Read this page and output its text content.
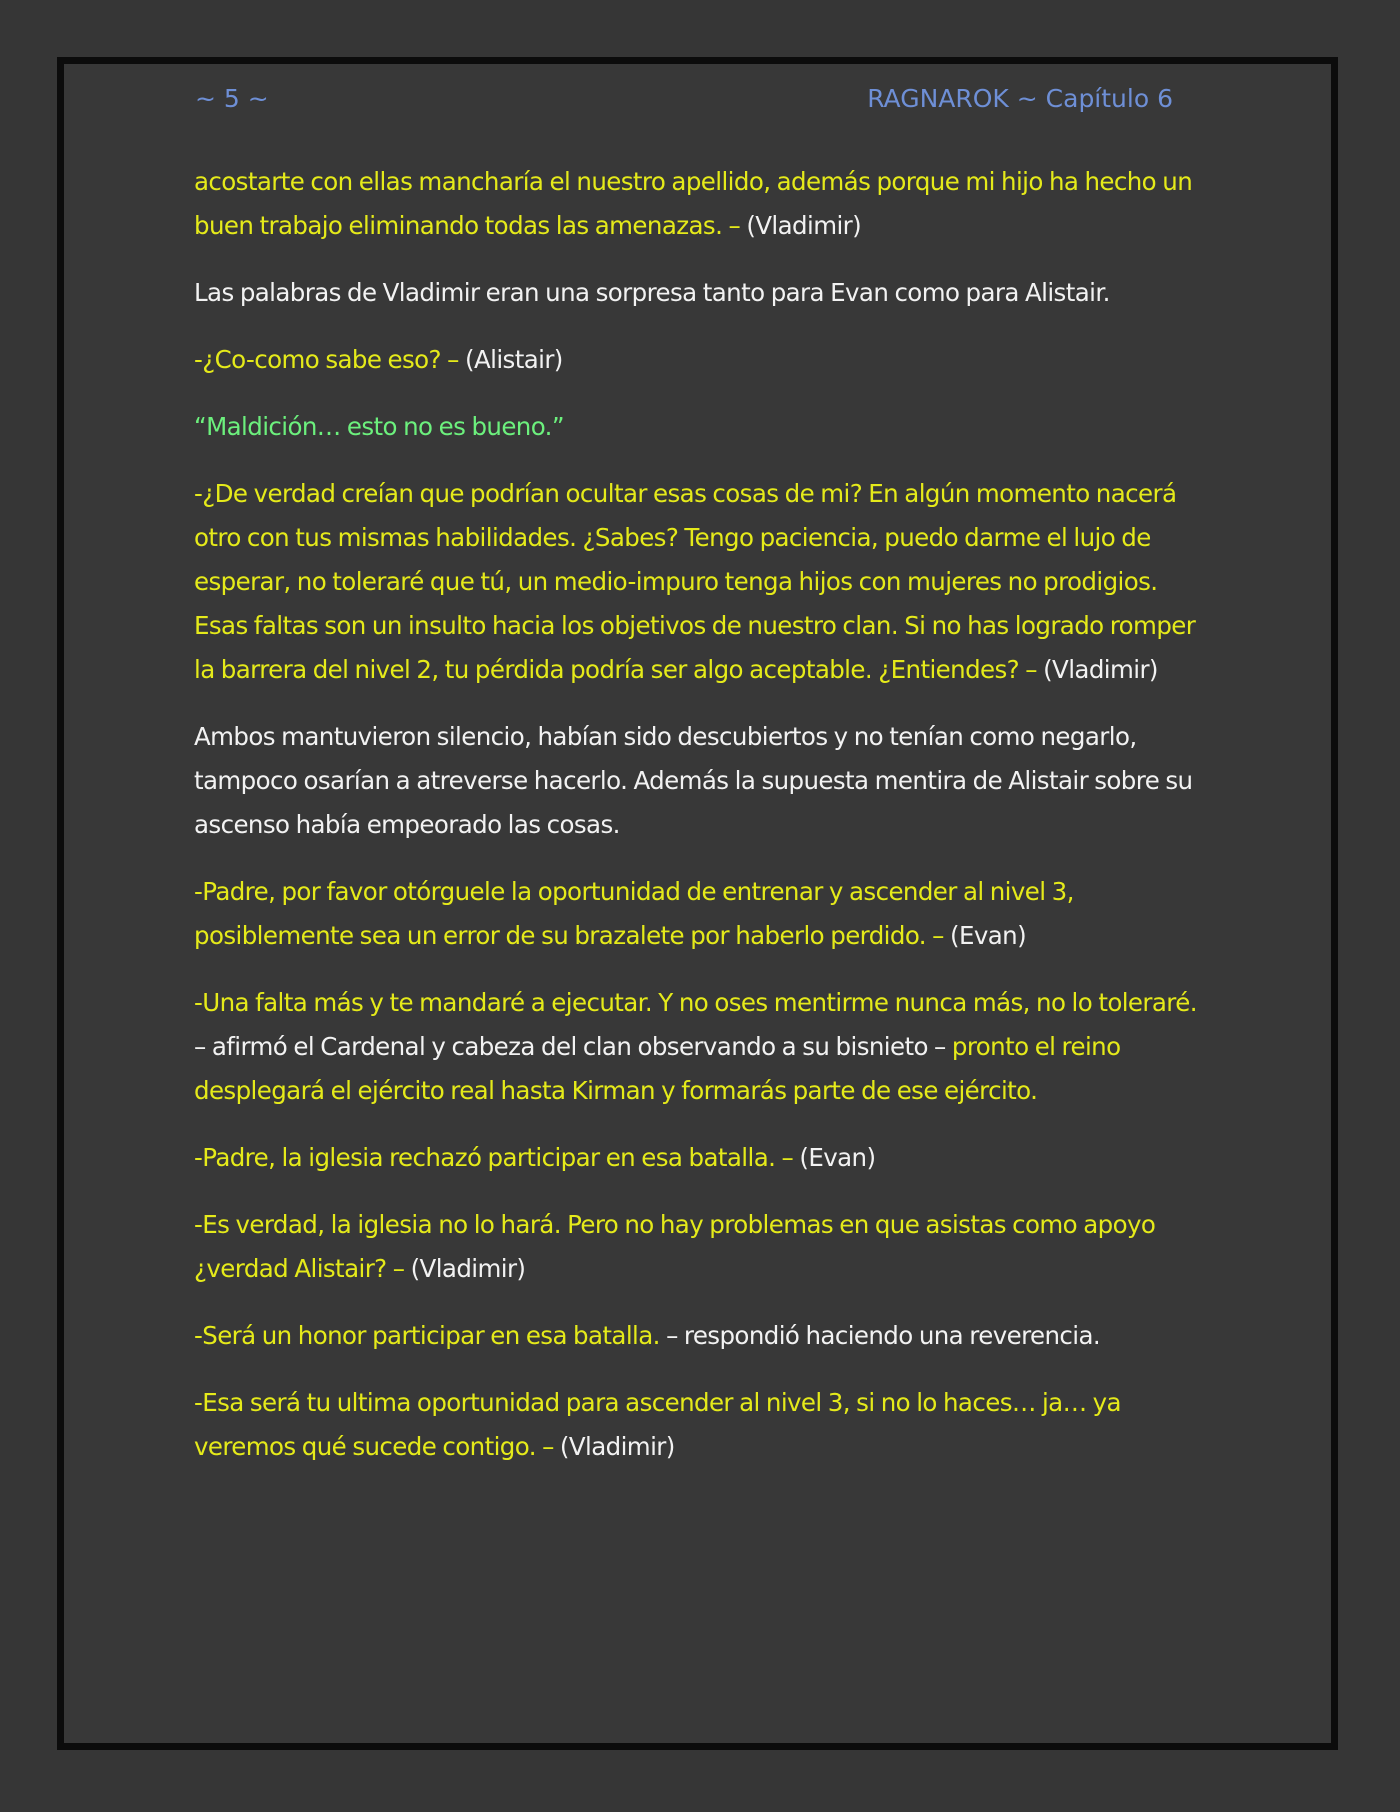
~ 5 ~	RAGNAROK ~ Capítulo 6

acostarte con ellas mancharía el nuestro apellido, además porque mi hijo ha hecho un buen trabajo eliminando todas las amenazas. – (Vladimir)

Las palabras de Vladimir eran una sorpresa tanto para Evan como para Alistair.

-¿Co-como sabe eso? – (Alistair)

“Maldición… esto no es bueno.”

-¿De verdad creían que podrían ocultar esas cosas de mi? En algún momento nacerá otro con tus mismas habilidades. ¿Sabes? Tengo paciencia, puedo darme el lujo de esperar, no toleraré que tú, un medio-impuro tenga hijos con mujeres no prodigios. Esas faltas son un insulto hacia los objetivos de nuestro clan. Si no has logrado romper la barrera del nivel 2, tu pérdida podría ser algo aceptable. ¿Entiendes? – (Vladimir)

Ambos mantuvieron silencio, habían sido descubiertos y no tenían como negarlo, tampoco osarían a atreverse hacerlo. Además la supuesta mentira de Alistair sobre su ascenso había empeorado las cosas.

-Padre, por favor otórguele la oportunidad de entrenar y ascender al nivel 3, posiblemente sea un error de su brazalete por haberlo perdido. – (Evan)

-Una falta más y te mandaré a ejecutar. Y no oses mentirme nunca más, no lo toleraré. – afirmó el Cardenal y cabeza del clan observando a su bisnieto – pronto el reino desplegará el ejército real hasta Kirman y formarás parte de ese ejército.

-Padre, la iglesia rechazó participar en esa batalla. – (Evan)

-Es verdad, la iglesia no lo hará. Pero no hay problemas en que asistas como apoyo ¿verdad Alistair? – (Vladimir)

-Será un honor participar en esa batalla. – respondió haciendo una reverencia.

-Esa será tu ultima oportunidad para ascender al nivel 3, si no lo haces… ja… ya veremos qué sucede contigo. – (Vladimir)
